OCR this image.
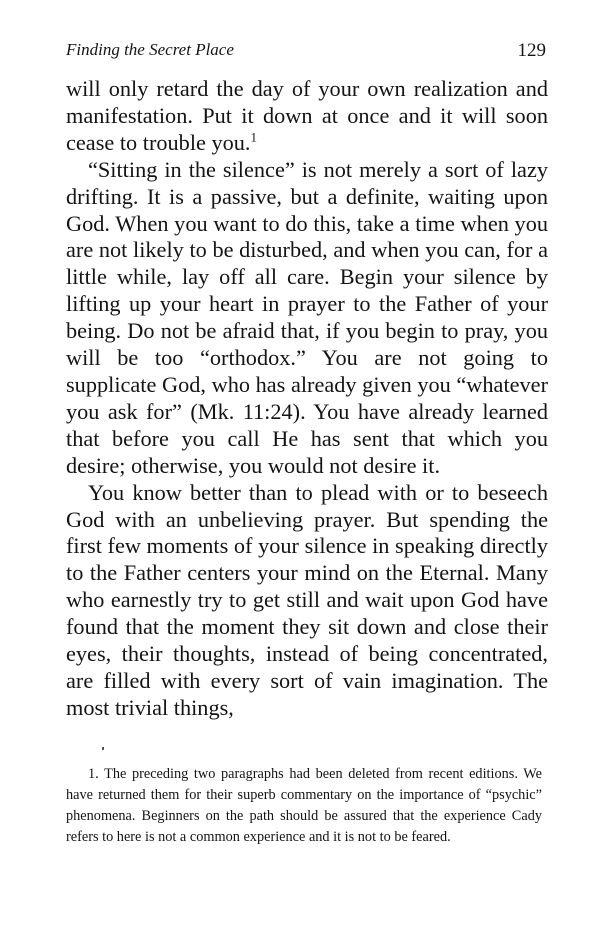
Finding the Secret Place	129

will only retard the day of your own realization and manifestation. Put it down at once and it will soon cease to trouble you.$^1$

“Sitting in the silence” is not merely a sort of lazy drifting. It is a passive, but a definite, waiting upon God. When you want to do this, take a time when you are not likely to be disturbed, and when you can, for a little while, lay off all care. Begin your silence by lifting up your heart in prayer to the Father of your being. Do not be afraid that, if you begin to pray, you will be too “orthodox.” You are not going to supplicate God, who has already given you “whatever you ask for” (Mk. 11:24). You have already learned that before you call He has sent that which you desire; otherwise, you would not desire it.

You know better than to plead with or to beseech God with an unbelieving prayer. But spending the first few moments of your silence in speaking directly to the Father centers your mind on the Eternal. Many who earnestly try to get still and wait upon God have found that the moment they sit down and close their eyes, their thoughts, instead of being concentrated, are filled with every sort of vain imagination. The most trivial things,

1. The preceding two paragraphs had been deleted from recent editions. We have returned them for their superb commentary on the importance of “psychic” phenomena. Beginners on the path should be assured that the experience Cady refers to here is not a common experience and it is not to be feared.
